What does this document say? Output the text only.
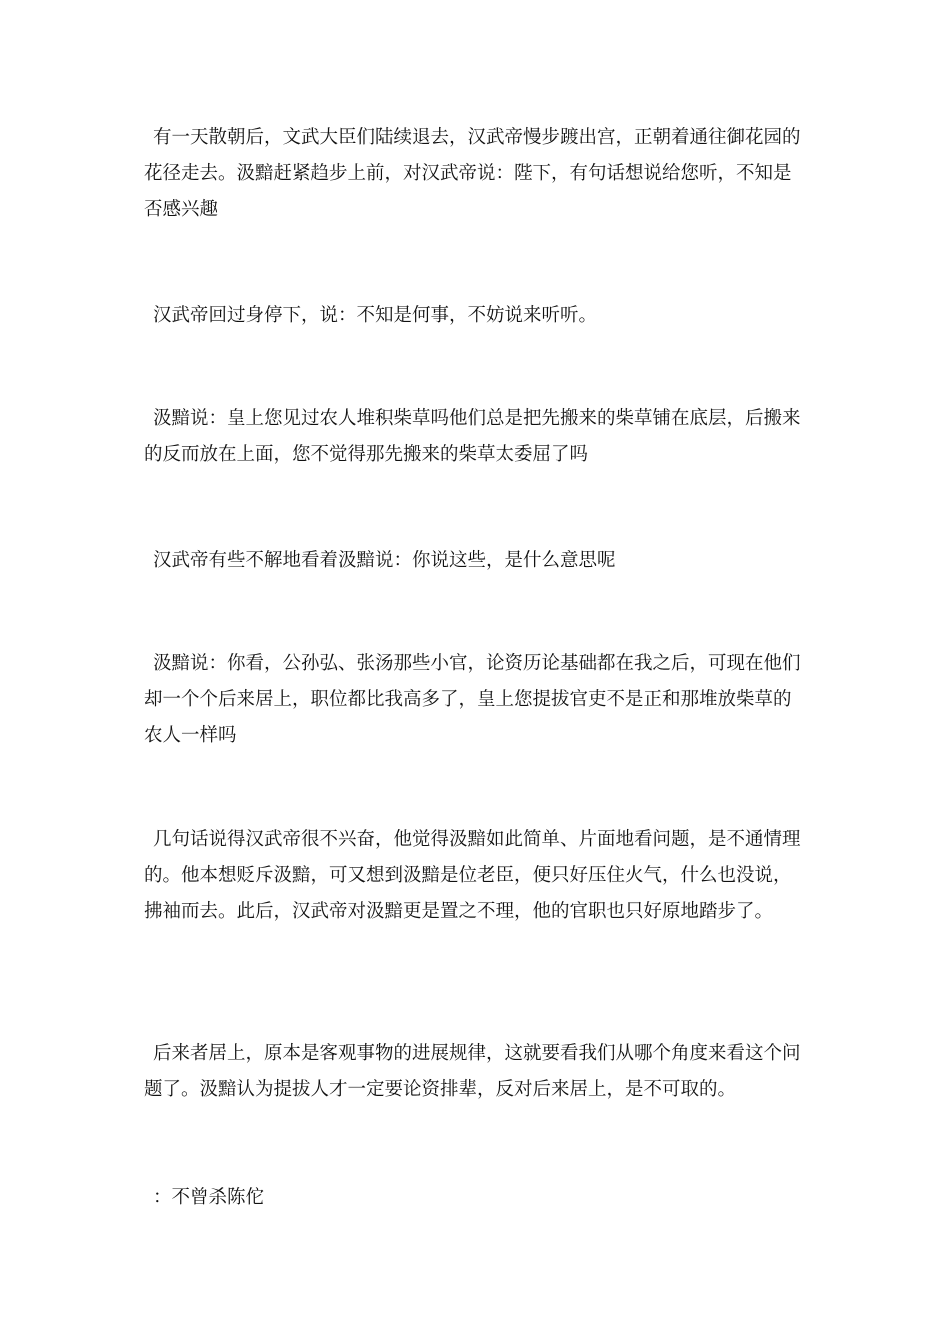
有一天散朝后，文武大臣们陆续退去，汉武帝慢步踱出宫，正朝着通往御花园的花径走去。汲黯赶紧趋步上前，对汉武帝说：陛下，有句话想说给您听，不知是否感兴趣

汉武帝回过身停下，说：不知是何事，不妨说来听听。

汲黯说：皇上您见过农人堆积柴草吗他们总是把先搬来的柴草铺在底层，后搬来的反而放在上面，您不觉得那先搬来的柴草太委屈了吗

汉武帝有些不解地看着汲黯说：你说这些，是什么意思呢

汲黯说：你看，公孙弘、张汤那些小官，论资历论基础都在我之后，可现在他们却一个个后来居上，职位都比我高多了，皇上您提拔官吏不是正和那堆放柴草的农人一样吗

几句话说得汉武帝很不兴奋，他觉得汲黯如此简单、片面地看问题，是不通情理的。他本想贬斥汲黯，可又想到汲黯是位老臣，便只好压住火气，什么也没说，拂袖而去。此后，汉武帝对汲黯更是置之不理，他的官职也只好原地踏步了。

后来者居上，原本是客观事物的进展规律，这就要看我们从哪个角度来看这个问题了。汲黯认为提拔人才一定要论资排辈，反对后来居上，是不可取的。

：不曾杀陈佗
